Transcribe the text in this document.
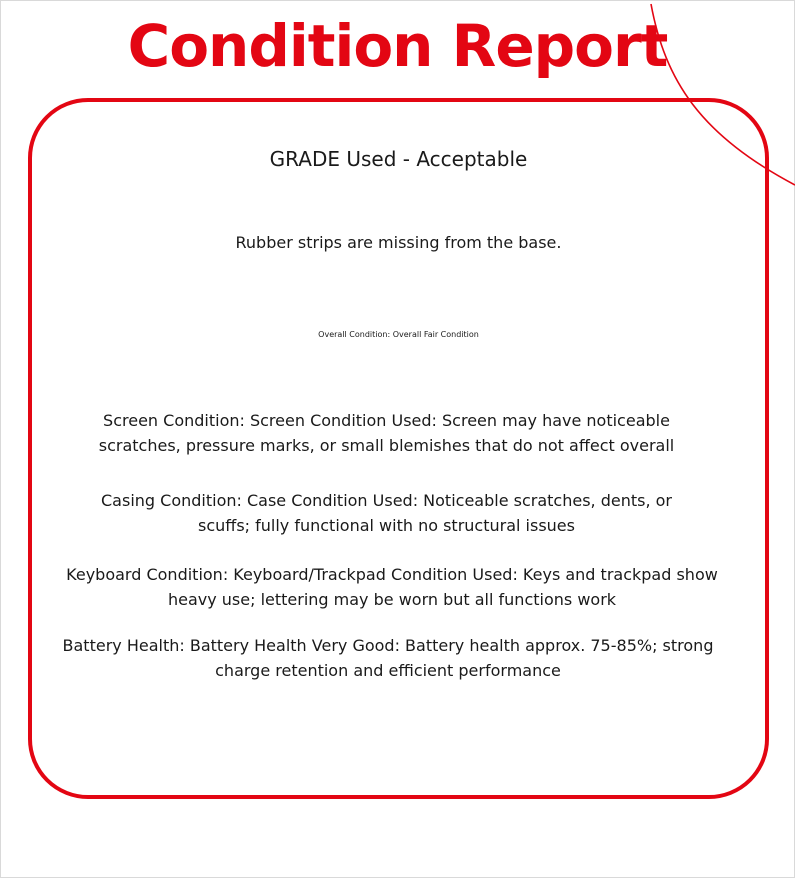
Condition Report
GRADE Used - Acceptable
Rubber strips are missing from the base.
Overall Condition: Overall Fair Condition
Screen Condition: Screen Condition Used: Screen may have noticeable scratches, pressure marks, or small blemishes that do not affect overall
Casing Condition: Case Condition Used: Noticeable scratches, dents, or scuffs; fully functional with no structural issues
Keyboard Condition: Keyboard/Trackpad Condition Used: Keys and trackpad show heavy use; lettering may be worn but all functions work
Battery Health: Battery Health Very Good: Battery health approx. 75-85%; strong charge retention and efficient performance
